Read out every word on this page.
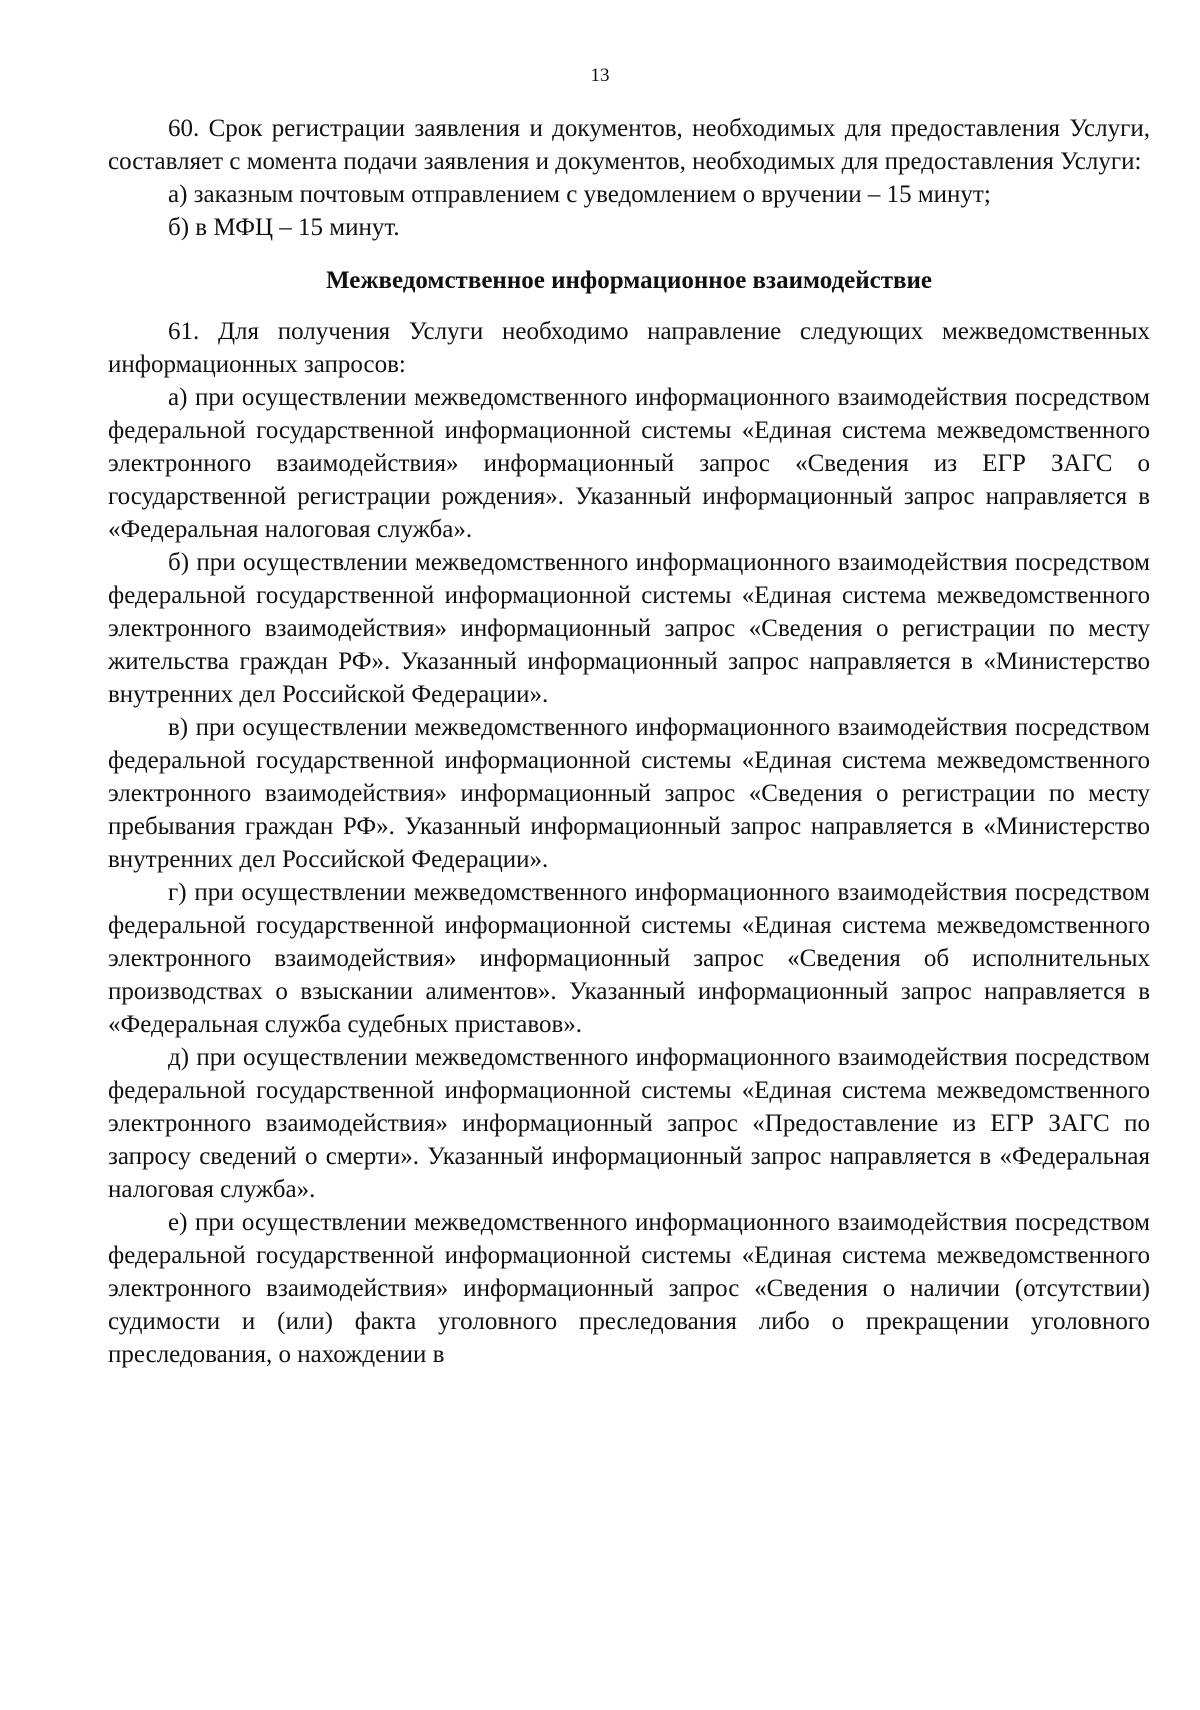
13

60. Срок регистрации заявления и документов, необходимых для предоставления Услуги, составляет с момента подачи заявления и документов, необходимых для предоставления Услуги:

а) заказным почтовым отправлением с уведомлением о вручении – 15 минут;

б) в МФЦ – 15 минут.

Межведомственное информационное взаимодействие

61. Для получения Услуги необходимо направление следующих межведомственных информационных запросов:

а) при осуществлении межведомственного информационного взаимодействия посредством федеральной государственной информационной системы «Единая система межведомственного электронного взаимодействия» информационный запрос «Сведения из ЕГР ЗАГС о государственной регистрации рождения». Указанный информационный запрос направляется в «Федеральная налоговая служба».

б) при осуществлении межведомственного информационного взаимодействия посредством федеральной государственной информационной системы «Единая система межведомственного электронного взаимодействия» информационный запрос «Сведения о регистрации по месту жительства граждан РФ». Указанный информационный запрос направляется в «Министерство внутренних дел Российской Федерации».

в) при осуществлении межведомственного информационного взаимодействия посредством федеральной государственной информационной системы «Единая система межведомственного электронного взаимодействия» информационный запрос «Сведения о регистрации по месту пребывания граждан РФ». Указанный информационный запрос направляется в «Министерство внутренних дел Российской Федерации».

г) при осуществлении межведомственного информационного взаимодействия посредством федеральной государственной информационной системы «Единая система межведомственного электронного взаимодействия» информационный запрос «Сведения об исполнительных производствах о взыскании алиментов». Указанный информационный запрос направляется в «Федеральная служба судебных приставов».

д) при осуществлении межведомственного информационного взаимодействия посредством федеральной государственной информационной системы «Единая система межведомственного электронного взаимодействия» информационный запрос «Предоставление из ЕГР ЗАГС по запросу сведений о смерти». Указанный информационный запрос направляется в «Федеральная налоговая служба».

е) при осуществлении межведомственного информационного взаимодействия посредством федеральной государственной информационной системы «Единая система межведомственного электронного взаимодействия» информационный запрос «Сведения о наличии (отсутствии) судимости и (или) факта уголовного преследования либо о прекращении уголовного преследования, о нахождении в
